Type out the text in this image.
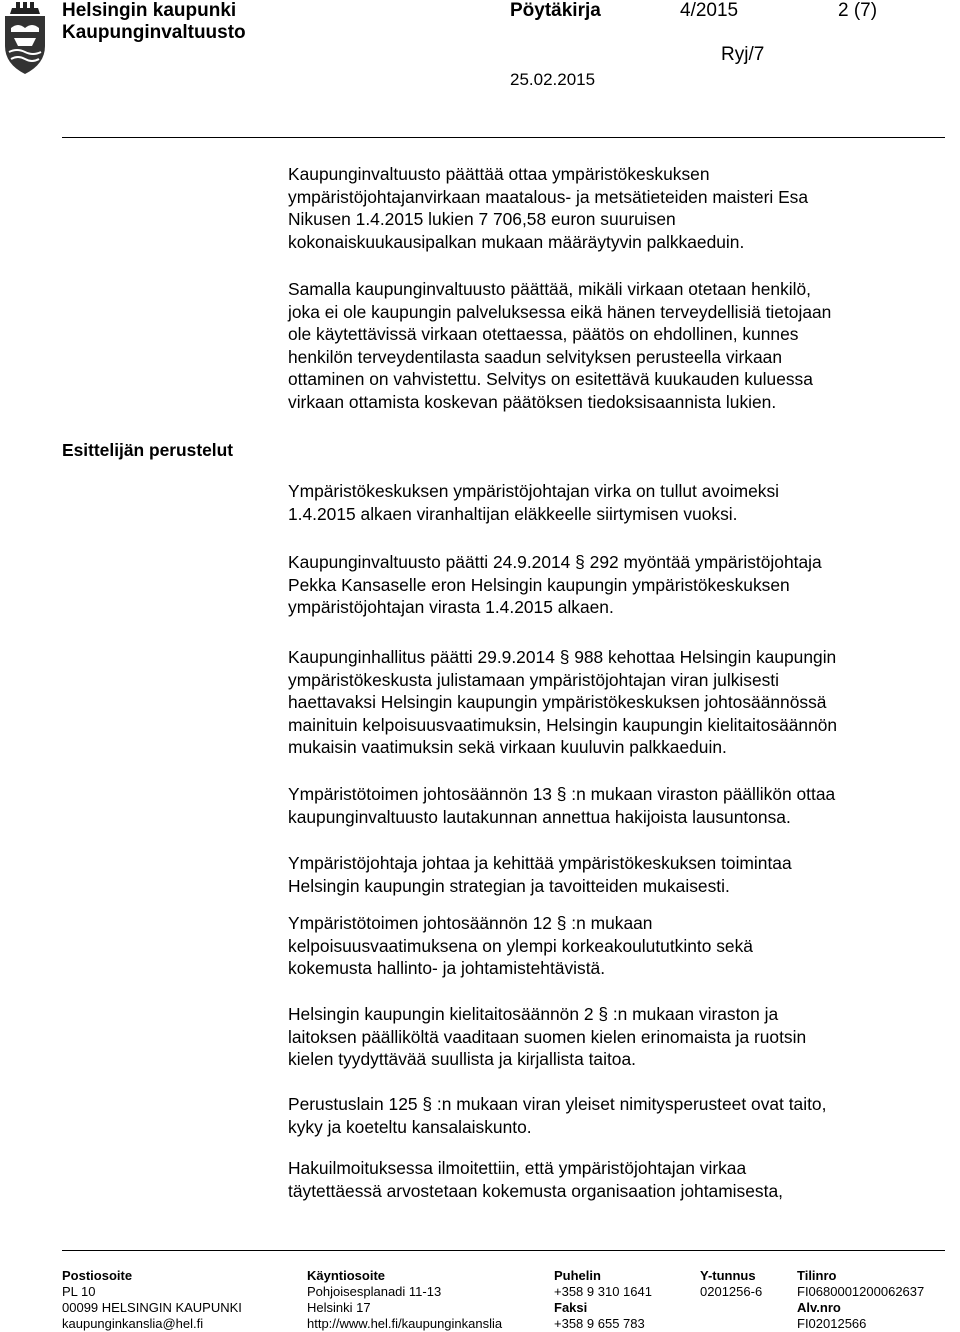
Helsingin kaupunki
Kaupunginvaltuusto
Pöytäkirja	4/2015	2 (7)
Ryj/7
25.02.2015
Esittelijän perustelut

Kaupunginvaltuusto päättää ottaa ympäristökeskuksen

ympäristöjohtajanvirkaan maatalous- ja metsätieteiden maisteri Esa

Nikusen 1.4.2015 lukien 7 706,58 euron suuruisen

kokonaiskuukausipalkan mukaan määräytyvin palkkaeduin.

Samalla kaupunginvaltuusto päättää, mikäli virkaan otetaan henkilö,

joka ei ole kaupungin palveluksessa eikä hänen terveydellisiä tietojaan

ole käytettävissä virkaan otettaessa, päätös on ehdollinen, kunnes

henkilön terveydentilasta saadun selvityksen perusteella virkaan

ottaminen on vahvistettu. Selvitys on esitettävä kuukauden kuluessa

virkaan ottamista koskevan päätöksen tiedoksisaannista lukien.

Ympäristökeskuksen ympäristöjohtajan virka on tullut avoimeksi

1.4.2015 alkaen viranhaltijan eläkkeelle siirtymisen vuoksi.

Kaupunginvaltuusto päätti 24.9.2014 § 292 myöntää ympäristöjohtaja

Pekka Kansaselle eron Helsingin kaupungin ympäristökeskuksen

ympäristöjohtajan virasta 1.4.2015 alkaen.

Kaupunginhallitus päätti 29.9.2014 § 988 kehottaa Helsingin kaupungin

ympäristökeskusta julistamaan ympäristöjohtajan viran julkisesti

haettavaksi Helsingin kaupungin ympäristökeskuksen johtosäännössä

mainituin kelpoisuusvaatimuksin, Helsingin kaupungin kielitaitosäännön

mukaisin vaatimuksin sekä virkaan kuuluvin palkkaeduin.

Ympäristötoimen johtosäännön 13 § :n mukaan viraston päällikön ottaa

kaupunginvaltuusto lautakunnan annettua hakijoista lausuntonsa.

Ympäristöjohtaja johtaa ja kehittää ympäristökeskuksen toimintaa

Helsingin kaupungin strategian ja tavoitteiden mukaisesti.

Ympäristötoimen johtosäännön 12 § :n mukaan

kelpoisuusvaatimuksena on ylempi korkeakoulututkinto sekä

kokemusta hallinto- ja johtamistehtävistä.

Helsingin kaupungin kielitaitosäännön 2 § :n mukaan viraston ja

laitoksen päälliköltä vaaditaan suomen kielen erinomaista ja ruotsin

kielen tyydyttävää suullista ja kirjallista taitoa.

Perustuslain 125 § :n mukaan viran yleiset nimitysperusteet ovat taito,

kyky ja koeteltu kansalaiskunto.

Hakuilmoituksessa ilmoitettiin, että ympäristöjohtajan virkaa

täytettäessä arvostetaan kokemusta organisaation johtamisesta,

Postiosoite
PL 10
00099 HELSINGIN KAUPUNKI
kaupunginkanslia@hel.fi
Käyntiosoite
Pohjoisesplanadi 11-13
Helsinki 17
http://www.hel.fi/kaupunginkanslia
Puhelin
+358 9 310 1641
Faksi
+358 9 655 783
Y-tunnus
0201256-6
Tilinro
FI0680001200062637
Alv.nro
FI02012566
